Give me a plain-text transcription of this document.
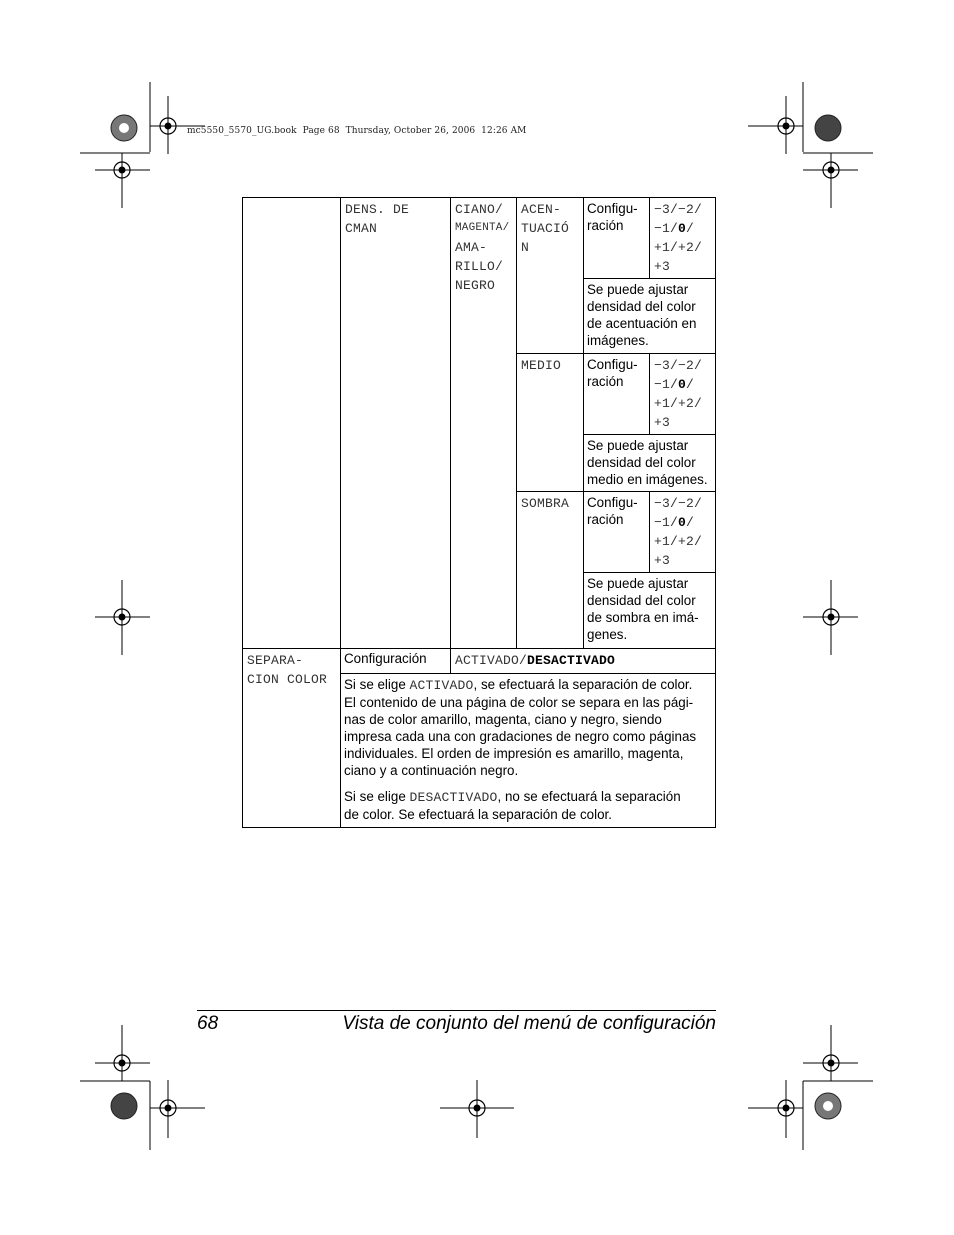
mc5550_5570_UG.book  Page 68  Thursday, October 26, 2006  12:26 AM
DENS. DE
CMAN
CIANO/
MAGENTA/
AMA-
RILLO/
NEGRO
ACEN-
TUACIÓ
N
Configu-
ración
−3/−2/
−1/0/
+1/+2/
+3
Se puede ajustar
densidad del color
de acentuación en
imágenes.
MEDIO Configu-
ración
−3/−2/
−1/0/
+1/+2/
+3
Se puede ajustar
densidad del color
medio en imágenes.
SOMBRA Configu-
ración
−3/−2/
−1/0/
+1/+2/
+3
Se puede ajustar
densidad del color
de sombra en imá-
genes.
SEPARA-
CION COLOR
Configuración ACTIVADO/DESACTIVADO
Si se elige ACTIVADO, se efectuará la separación de color.
El contenido de una página de color se separa en las pági-
nas de color amarillo, magenta, ciano y negro, siendo
impresa cada una con gradaciones de negro como páginas
individuales. El orden de impresión es amarillo, magenta,
ciano y a continuación negro.
Si se elige DESACTIVADO, no se efectuará la separación
de color. Se efectuará la separación de color.
68	Vista de conjunto del menú de configuración
